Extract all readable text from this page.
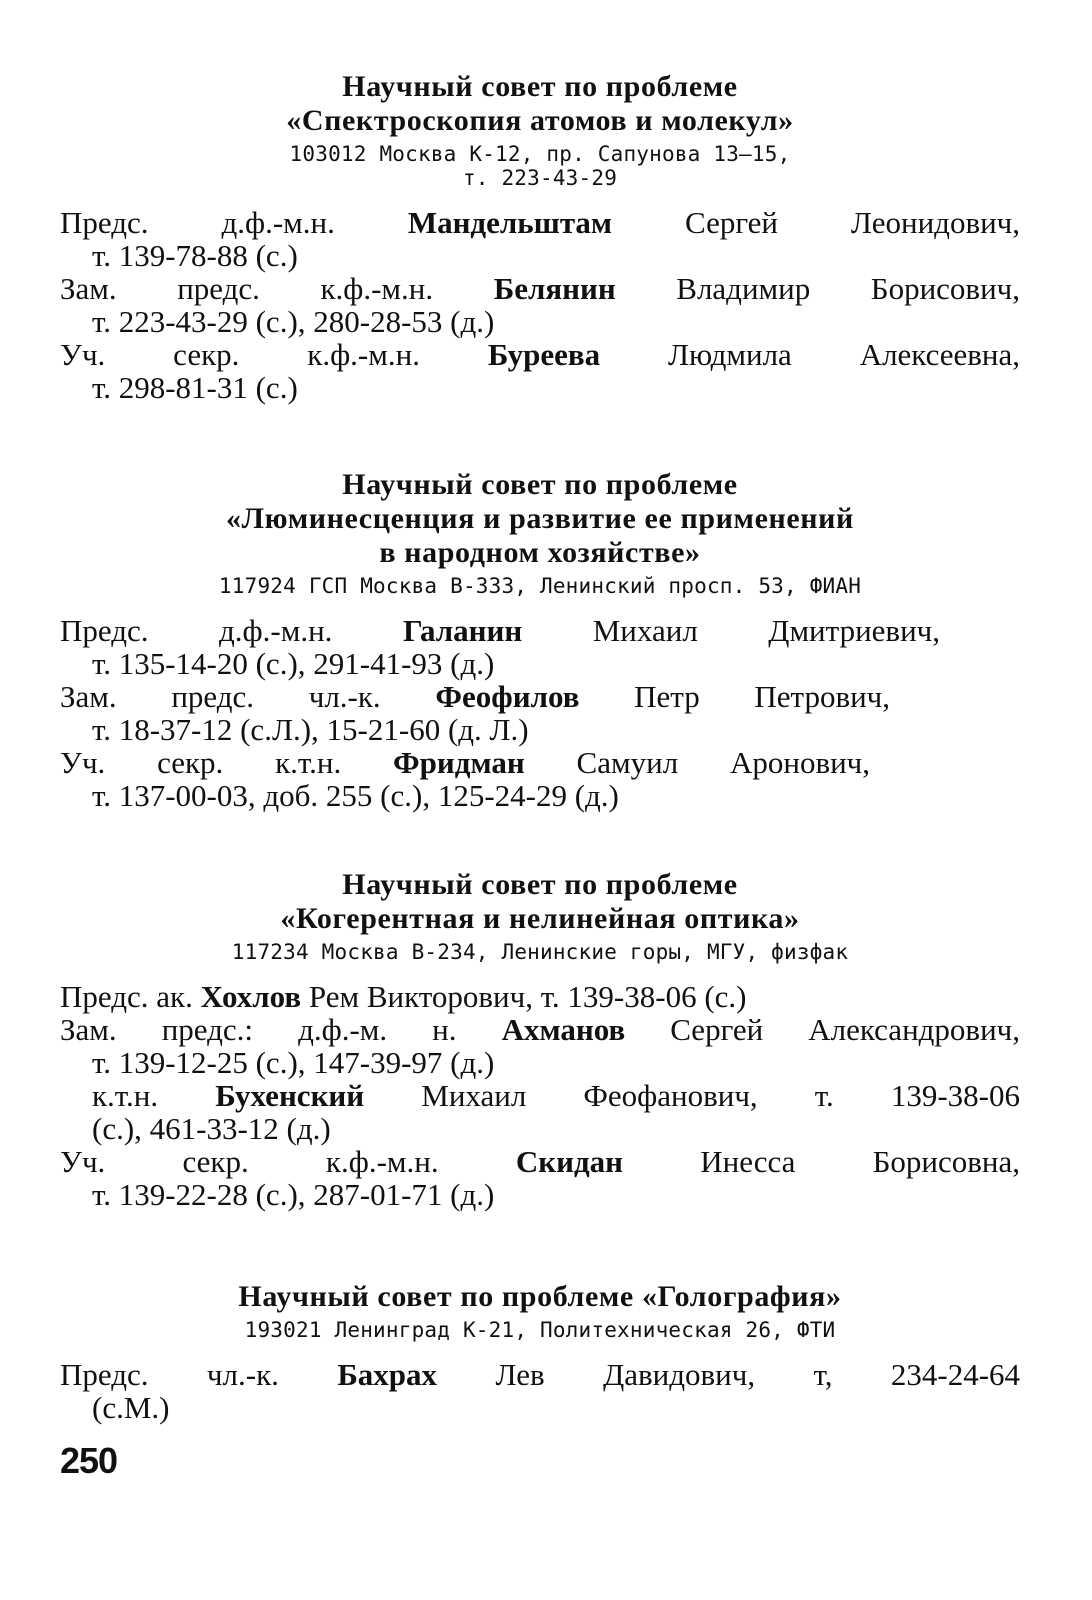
Научный совет по проблеме
«Спектроскопия атомов и молекул»
103012 Москва К-12, пр. Сапунова 13—15,
т. 223-43-29
Предс. д.ф.-м.н. Мандельштам Сергей Леонидович,
т. 139-78-88 (с.)
Зам. предс. к.ф.-м.н. Белянин Владимир Борисович,
т. 223-43-29 (с.), 280-28-53 (д.)
Уч. секр. к.ф.-м.н. Буреева Людмила Алексеевна,
т. 298-81-31 (с.)
Научный совет по проблеме
«Люминесценция и развитие ее применений
в народном хозяйстве»
117924 ГСП Москва В-333, Ленинский просп. 53, ФИАН
Предс. д.ф.-м.н. Галанин Михаил Дмитриевич,
т. 135-14-20 (с.), 291-41-93 (д.)
Зам. предс. чл.-к. Феофилов Петр Петрович,
т. 18-37-12 (с.Л.), 15-21-60 (д. Л.)
Уч. секр. к.т.н. Фридман Самуил Аронович,
т. 137-00-03, доб. 255 (с.), 125-24-29 (д.)
Научный совет по проблеме
«Когерентная и нелинейная оптика»
117234 Москва В-234, Ленинские горы, МГУ, физфак
Предс. ак. Хохлов Рем Викторович, т. 139-38-06 (с.)
Зам. предс.: д.ф.-м. н. Ахманов Сергей Александрович,
т. 139-12-25 (с.), 147-39-97 (д.)
к.т.н. Бухенский Михаил Феофанович, т. 139-38-06
(с.), 461-33-12 (д.)
Уч. секр. к.ф.-м.н. Скидан Инесса Борисовна,
т. 139-22-28 (с.), 287-01-71 (д.)
Научный совет по проблеме «Голография»
193021 Ленинград К-21, Политехническая 26, ФТИ
Предс. чл.-к. Бахрах Лев Давидович, т, 234-24-64
(с.М.)
250
